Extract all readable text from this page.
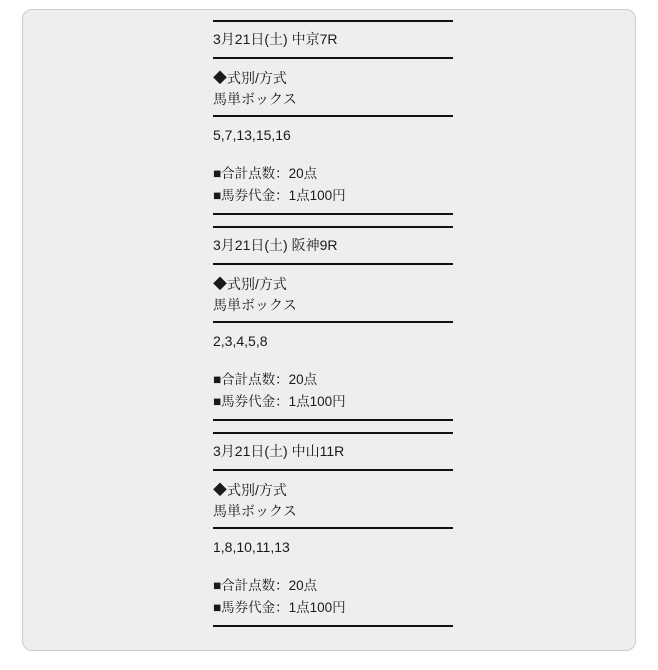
3月21日(土) 中京7R
◆式別/方式
馬単ボックス
5,7,13,15,16
■合計点数：20点
■馬券代金：1点100円
3月21日(土) 阪神9R
◆式別/方式
馬単ボックス
2,3,4,5,8
■合計点数：20点
■馬券代金：1点100円
3月21日(土) 中山11R
◆式別/方式
馬単ボックス
1,8,10,11,13
■合計点数：20点
■馬券代金：1点100円
